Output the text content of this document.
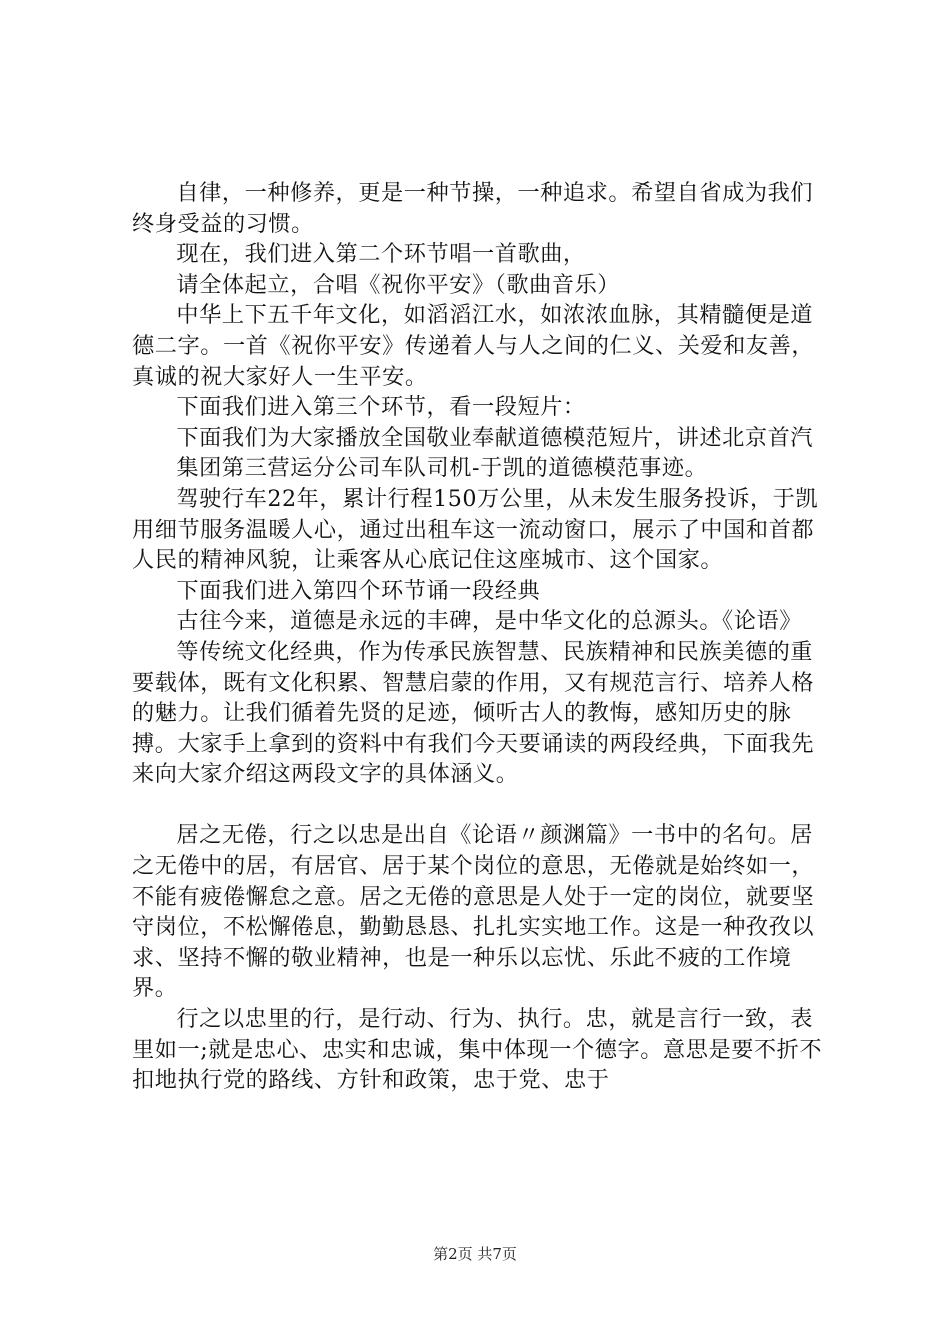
自律，一种修养，更是一种节操，一种追求。希望自省成为我们终身受益的习惯。

现在，我们进入第二个环节唱一首歌曲，

请全体起立，合唱《祝你平安》（歌曲音乐）

中华上下五千年文化，如滔滔江水，如浓浓血脉，其精髓便是道德二字。一首《祝你平安》传递着人与人之间的仁义、关爱和友善，真诚的祝大家好人一生平安。

下面我们进入第三个环节，看一段短片：

下面我们为大家播放全国敬业奉献道德模范短片，讲述北京首汽

集团第三营运分公司车队司机-于凯的道德模范事迹。

驾驶行车22年，累计行程150万公里，从未发生服务投诉，于凯用细节服务温暖人心，通过出租车这一流动窗口，展示了中国和首都人民的精神风貌，让乘客从心底记住这座城市、这个国家。

下面我们进入第四个环节诵一段经典

古往今来，道德是永远的丰碑，是中华文化的总源头。《论语》

等传统文化经典，作为传承民族智慧、民族精神和民族美德的重要载体，既有文化积累、智慧启蒙的作用，又有规范言行、培养人格的魅力。让我们循着先贤的足迹，倾听古人的教悔，感知历史的脉搏。大家手上拿到的资料中有我们今天要诵读的两段经典，下面我先来向大家介绍这两段文字的具体涵义。

居之无倦，行之以忠是出自《论语〃颜渊篇》一书中的名句。居之无倦中的居，有居官、居于某个岗位的意思，无倦就是始终如一，不能有疲倦懈怠之意。居之无倦的意思是人处于一定的岗位，就要坚守岗位，不松懈倦息，勤勤恳恳、扎扎实实地工作。这是一种孜孜以求、坚持不懈的敬业精神，也是一种乐以忘忧、乐此不疲的工作境界。

行之以忠里的行，是行动、行为、执行。忠，就是言行一致，表里如一;就是忠心、忠实和忠诚，集中体现一个德字。意思是要不折不扣地执行党的路线、方针和政策，忠于党、忠于

第2页 共7页
